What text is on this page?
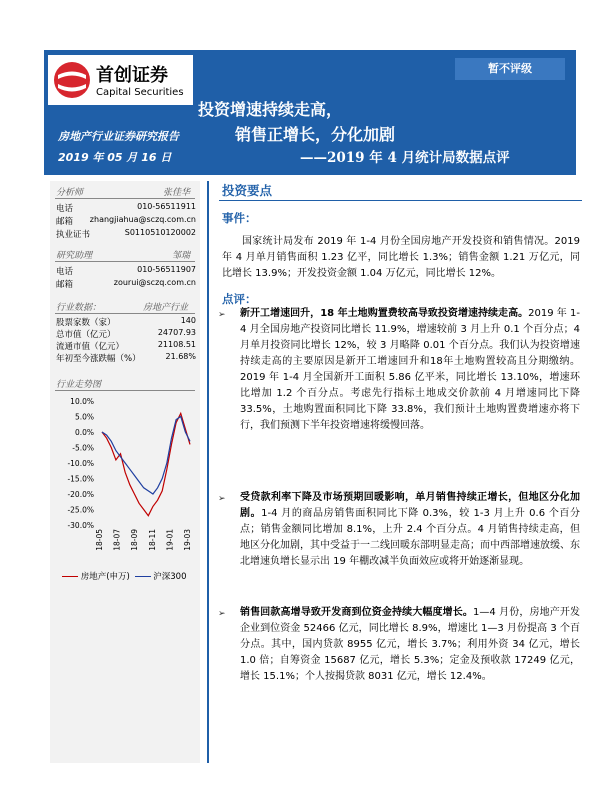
首创证券
Capital Securities
暂不评级
投资增速持续走高，
销售正增长，分化加剧
——2019 年 4 月统计局数据点评
房地产行业证券研究报告
2019 年 05 月 16 日
分析师	张佳华
电话	010-56511911
邮箱 zhangjiahua@sczq.com.cn
执业证书	S0110510120002
研究助理	邹瑞
电话	010-56511907
邮箱	zourui@sczq.com.cn
行业数据：	房地产行业
股票家数（家）	140
总市值（亿元）	24707.93
流通市值（亿元）	21108.51
年初至今涨跌幅（%）	21.68%
行业走势图
10.0%
5.0%
0.0%
-5.0%
-10.0%
-15.0%
-20.0%
-25.0%
-30.0%
18-05 18-07 18-09 18-11 19-01 19-03
房地产(申万)	沪深300
投资要点
事件：
国家统计局发布 2019 年 1-4 月份全国房地产开发投资和销售情况。2019 年 4 月单月销售面积 1.23 亿平，同比增长 1.3%；销售金额 1.21 万亿元，同比增长 13.9%；开发投资金额 1.04 万亿元，同比增长 12%。
点评：
➢ 新开工增速回升，18 年土地购置费较高导致投资增速持续走高。2019 年 1-4 月全国房地产投资同比增长 11.9%，增速较前 3 月上升 0.1 个百分点；4 月单月投资同比增长 12%，较 3 月略降 0.01 个百分点。我们认为投资增速持续走高的主要原因是新开工增速回升和18年土地购置较高且分期缴纳。2019 年 1-4 月全国新开工面积 5.86 亿平米，同比增长 13.10%，增速环比增加 1.2 个百分点。考虑先行指标土地成交价款前 4 月增速同比下降 33.5%，土地购置面积同比下降 33.8%，我们预计土地购置费增速亦将下行，我们预测下半年投资增速将缓慢回落。
➢ 受贷款利率下降及市场预期回暖影响，单月销售持续正增长，但地区分化加剧。1-4 月的商品房销售面积同比下降 0.3%，较 1-3 月上升 0.6 个百分点；销售金额同比增加 8.1%，上升 2.4 个百分点。4 月销售持续走高，但地区分化加剧，其中受益于一二线回暖东部明显走高；而中西部增速放缓、东北增速负增长显示出 19 年棚改减半负面效应或将开始逐渐显现。
➢ 销售回款高增导致开发商到位资金持续大幅度增长。1—4 月份，房地产开发企业到位资金 52466 亿元，同比增长 8.9%，增速比 1—3 月份提高 3 个百分点。其中，国内贷款 8955 亿元，增长 3.7%；利用外资 34 亿元，增长 1.0 倍；自筹资金 15687 亿元，增长 5.3%；定金及预收款 17249 亿元，增长 15.1%；个人按揭贷款 8031 亿元，增长 12.4%。
